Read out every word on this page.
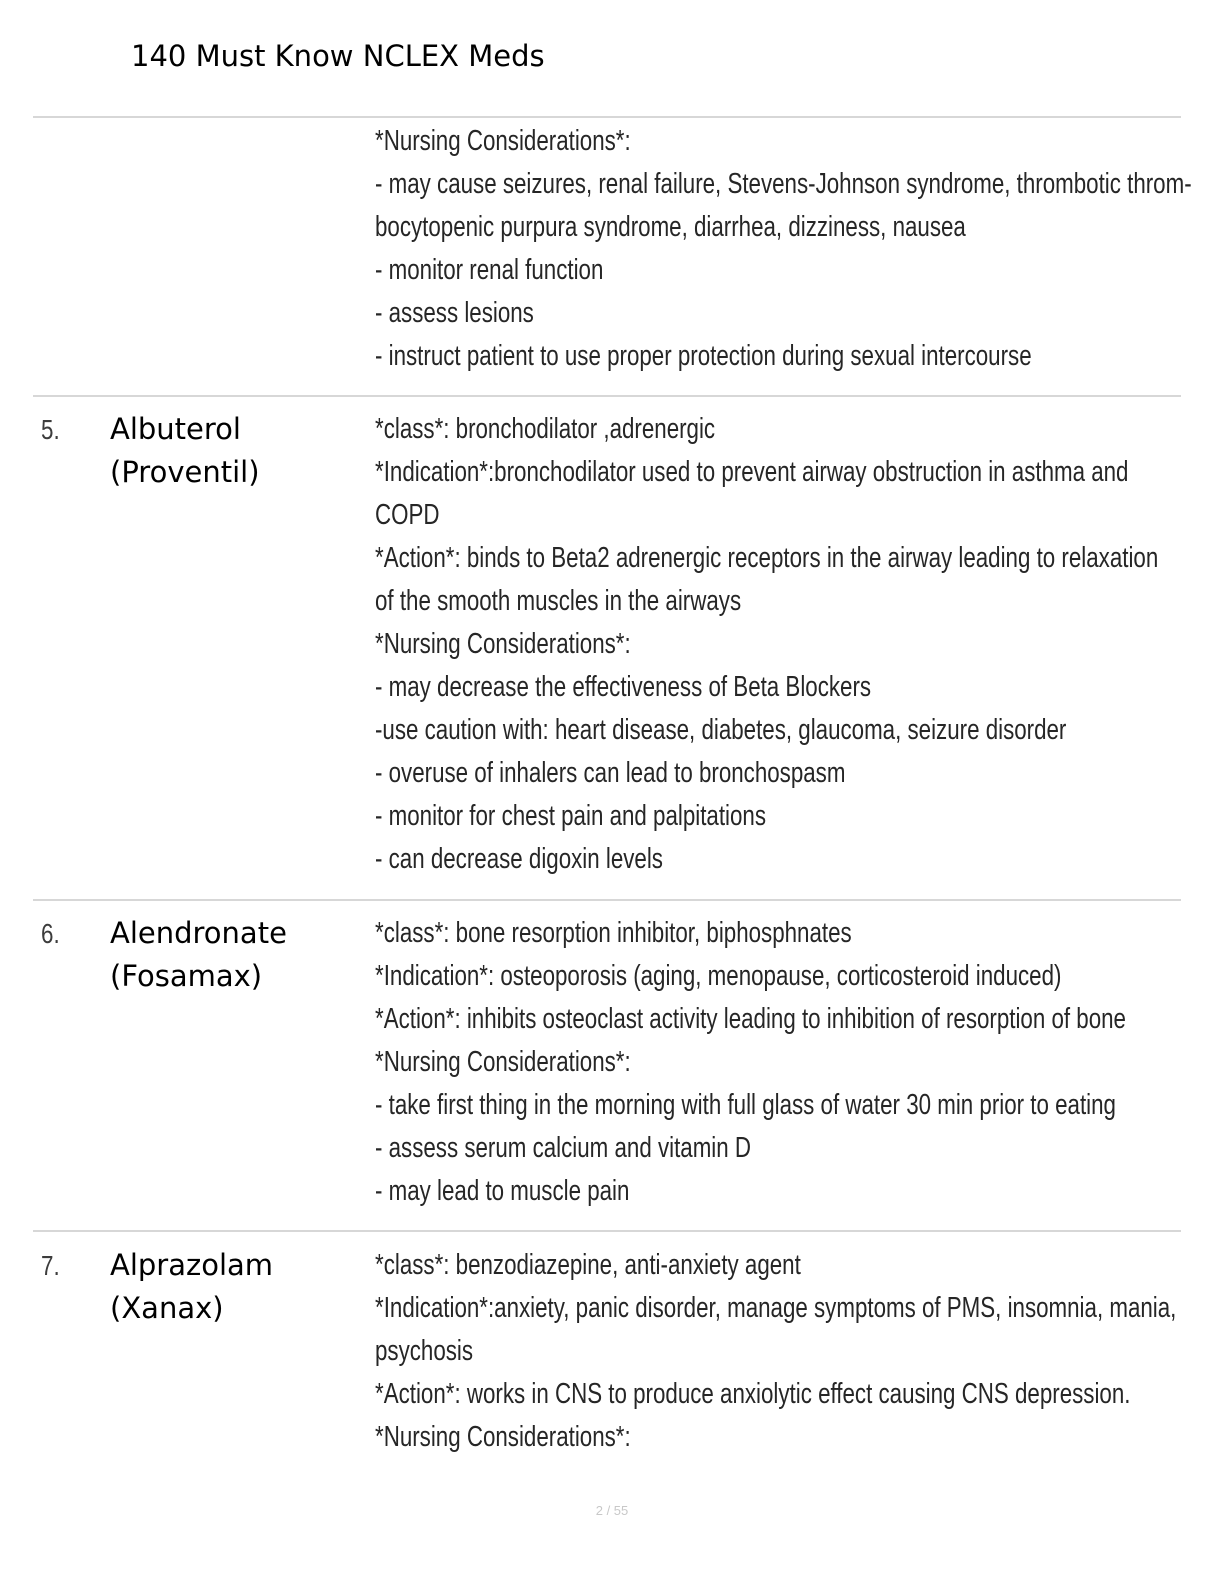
140 Must Know NCLEX Meds
*Nursing Considerations*:
- may cause seizures, renal failure, Stevens-Johnson syndrome, thrombotic throm-
bocytopenic purpura syndrome, diarrhea, dizziness, nausea
- monitor renal function
- assess lesions
- instruct patient to use proper protection during sexual intercourse
5. Albuterol
(Proventil)
*class*: bronchodilator ,adrenergic
*Indication*:bronchodilator used to prevent airway obstruction in asthma and
COPD
*Action*: binds to Beta2 adrenergic receptors in the airway leading to relaxation
of the smooth muscles in the airways
*Nursing Considerations*:
- may decrease the effectiveness of Beta Blockers
-use caution with: heart disease, diabetes, glaucoma, seizure disorder
- overuse of inhalers can lead to bronchospasm
- monitor for chest pain and palpitations
- can decrease digoxin levels
6. Alendronate
(Fosamax)
*class*: bone resorption inhibitor, biphosphnates
*Indication*: osteoporosis (aging, menopause, corticosteroid induced)
*Action*: inhibits osteoclast activity leading to inhibition of resorption of bone
*Nursing Considerations*:
- take first thing in the morning with full glass of water 30 min prior to eating
- assess serum calcium and vitamin D
- may lead to muscle pain
7. Alprazolam
(Xanax)
*class*: benzodiazepine, anti-anxiety agent
*Indication*:anxiety, panic disorder, manage symptoms of PMS, insomnia, mania,
psychosis
*Action*: works in CNS to produce anxiolytic effect causing CNS depression.
*Nursing Considerations*:
2 / 55
